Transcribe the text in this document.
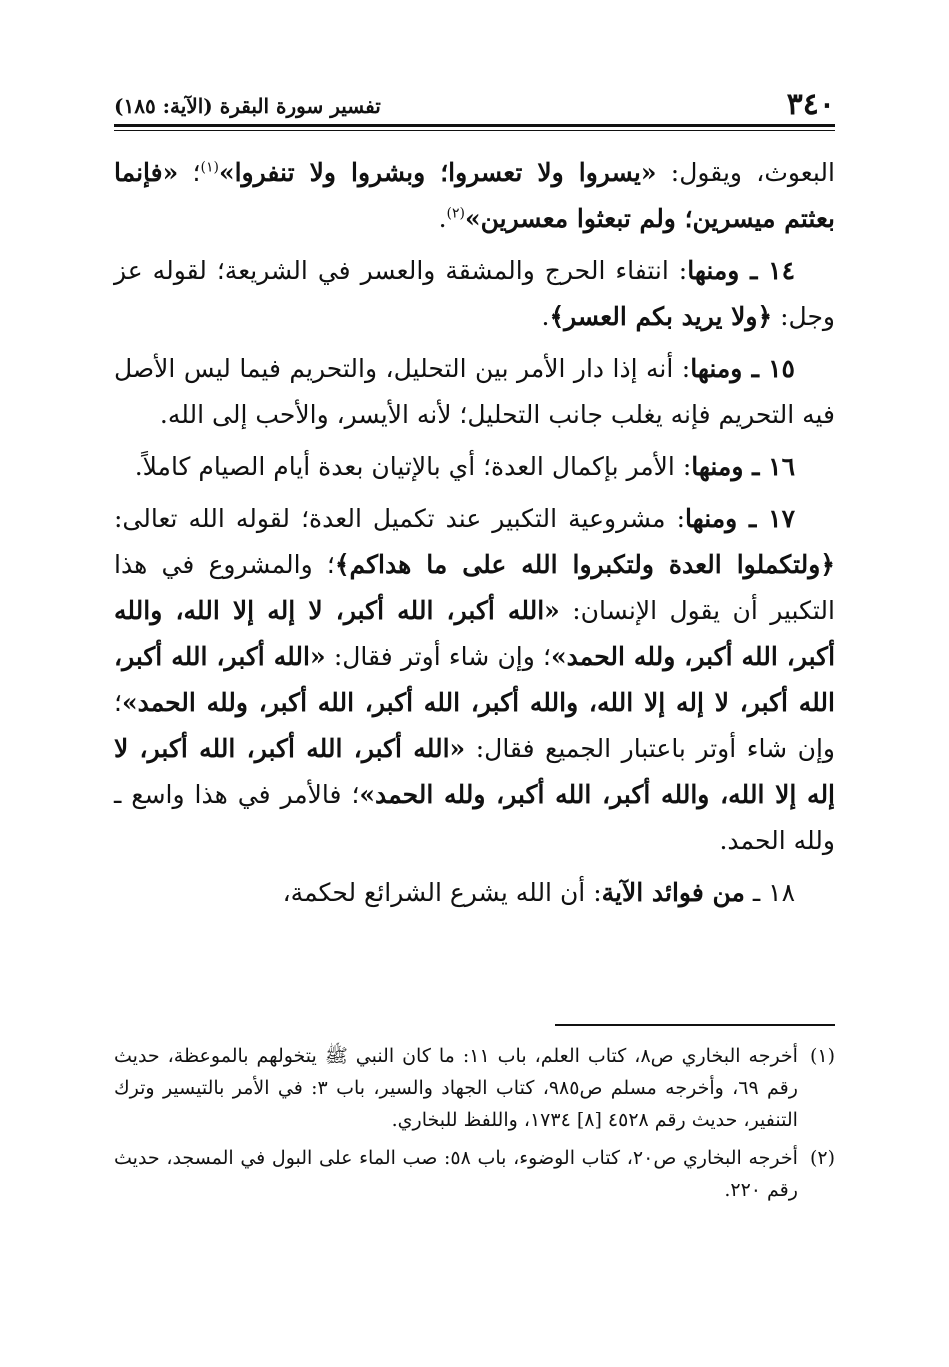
٣٤٠
تفسير سورة البقرة (الآية: ١٨٥)

البعوث، ويقول: «يسروا ولا تعسروا؛ وبشروا ولا تنفروا»$^{(١)}$؛ «فإنما بعثتم ميسرين؛ ولم تبعثوا معسرين»$^{(٢)}$.

١٤ ـ ومنها: انتفاء الحرج والمشقة والعسر في الشريعة؛ لقوله عز وجل: ﴿ولا يريد بكم العسر﴾.

١٥ ـ ومنها: أنه إذا دار الأمر بين التحليل، والتحريم فيما ليس الأصل فيه التحريم فإنه يغلب جانب التحليل؛ لأنه الأيسر، والأحب إلى الله.

١٦ ـ ومنها: الأمر بإكمال العدة؛ أي بالإتيان بعدة أيام الصيام كاملاً.

١٧ ـ ومنها: مشروعية التكبير عند تكميل العدة؛ لقوله الله تعالى: ﴿ولتكملوا العدة ولتكبروا الله على ما هداكم﴾؛ والمشروع في هذا التكبير أن يقول الإنسان: «الله أكبر، الله أكبر، لا إله إلا الله، والله أكبر، الله أكبر، ولله الحمد»؛ وإن شاء أوتر فقال: «الله أكبر، الله أكبر، الله أكبر، لا إله إلا الله، والله أكبر، الله أكبر، الله أكبر، ولله الحمد»؛ وإن شاء أوتر باعتبار الجميع فقال: «الله أكبر، الله أكبر، الله أكبر، لا إله إلا الله، والله أكبر، الله أكبر، ولله الحمد»؛ فالأمر في هذا واسع ـ ولله الحمد.

١٨ ـ من فوائد الآية: أن الله يشرع الشرائع لحكمة،

(١)
أخرجه البخاري ص٨، كتاب العلم، باب ١١: ما كان النبي ﷺ يتخولهم بالموعظة، حديث رقم ٦٩، وأخرجه مسلم ص٩٨٥، كتاب الجهاد والسير، باب ٣: في الأمر بالتيسير وترك التنفير، حديث رقم ٤٥٢٨ [٨] ١٧٣٤، واللفظ للبخاري.
(٢)
أخرجه البخاري ص٢٠، كتاب الوضوء، باب ٥٨: صب الماء على البول في المسجد، حديث رقم ٢٢٠.
